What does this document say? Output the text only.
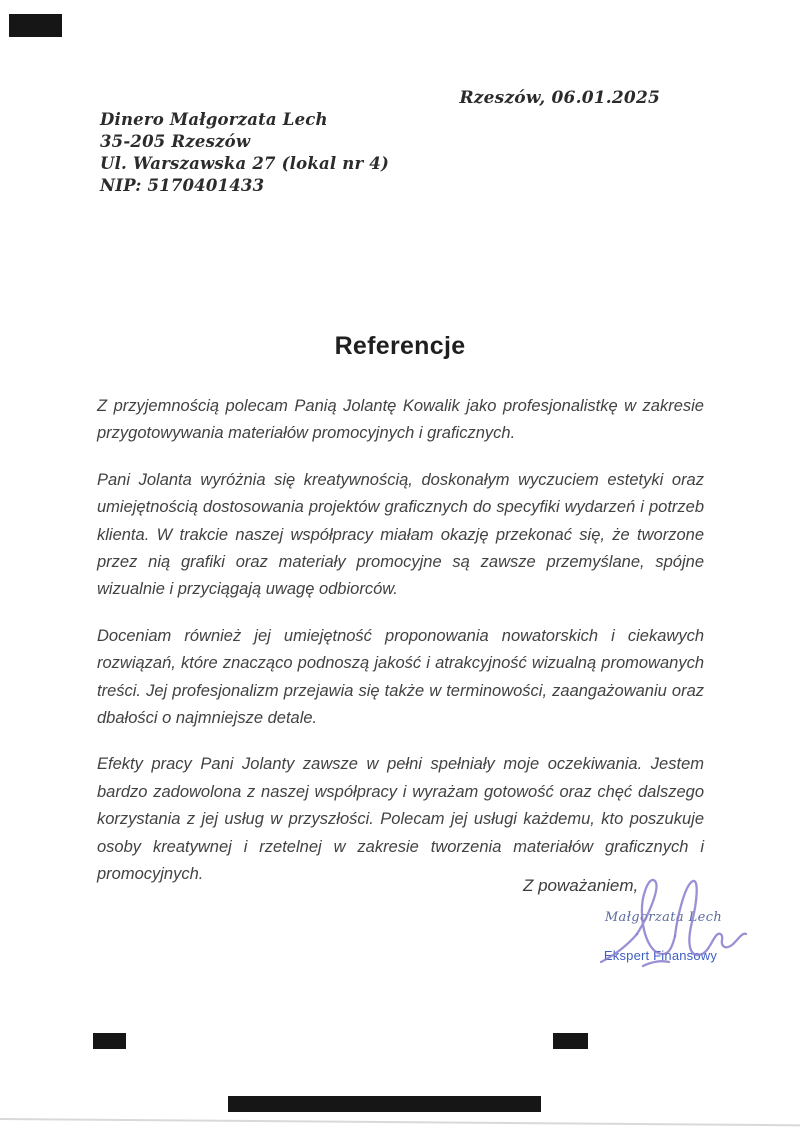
Rzeszów, 06.01.2025
Dinero Małgorzata Lech
35-205 Rzeszów
Ul. Warszawska 27 (lokal nr 4)
NIP: 5170401433
Referencje

Z przyjemnością polecam Panią Jolantę Kowalik jako profesjonalistkę w zakresie przygotowywania materiałów promocyjnych i graficznych.

Pani Jolanta wyróżnia się kreatywnością, doskonałym wyczuciem estetyki oraz umiejętnością dostosowania projektów graficznych do specyfiki wydarzeń i potrzeb klienta. W trakcie naszej współpracy miałam okazję przekonać się, że tworzone przez nią grafiki oraz materiały promocyjne są zawsze przemyślane, spójne wizualnie i przyciągają uwagę odbiorców.

Doceniam również jej umiejętność proponowania nowatorskich i ciekawych rozwiązań, które znacząco podnoszą jakość i atrakcyjność wizualną promowanych treści. Jej profesjonalizm przejawia się także w terminowości, zaangażowaniu oraz dbałości o najmniejsze detale.

Efekty pracy Pani Jolanty zawsze w pełni spełniały moje oczekiwania. Jestem bardzo zadowolona z naszej współpracy i wyrażam gotowość oraz chęć dalszego korzystania z jej usług w przyszłości. Polecam jej usługi każdemu, kto poszukuje osoby kreatywnej i rzetelnej w zakresie tworzenia materiałów graficznych i promocyjnych.

Z poważaniem,
Małgorzata Lech
Ekspert Finansowy
